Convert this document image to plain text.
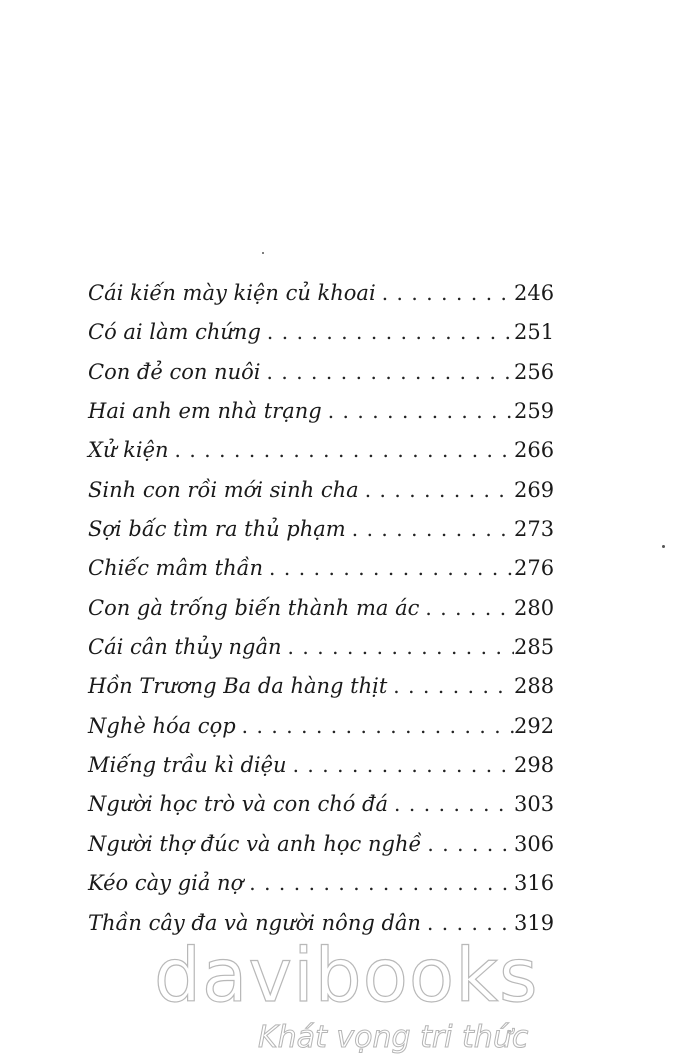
Cái kiến mày kiện củ khoai .....	246
Có ai làm chứng .....	251
Con đẻ con nuôi .....	256
Hai anh em nhà trạng .....	259
Xử kiện .....	266
Sinh con rồi mới sinh cha .....	269
Sợi bấc tìm ra thủ phạm .....	273
Chiếc mâm thần .....	276
Con gà trống biến thành ma ác .....	280
Cái cân thủy ngân .....	285
Hồn Trương Ba da hàng thịt .....	288
Nghè hóa cọp .....	292
Miếng trầu kì diệu .....	298
Người học trò và con chó đá .....	303
Người thợ đúc và anh học nghề .....	306
Kéo cày giả nợ .....	316
Thần cây đa và người nông dân .....	319
davibooks
Khát vọng tri thức
